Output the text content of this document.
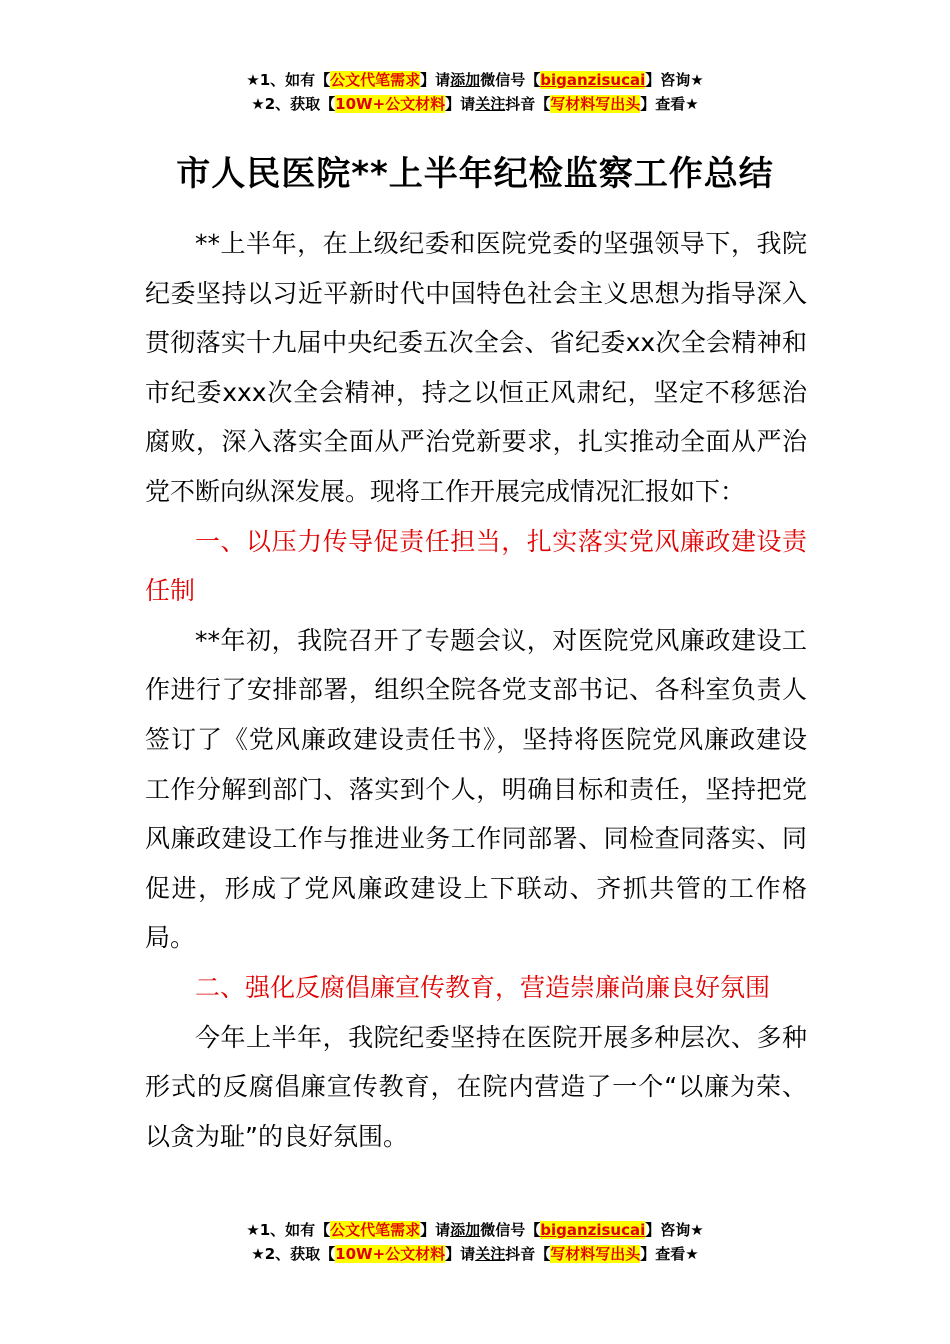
★1、如有【公文代笔需求】请添加微信号【biganzisucai】咨询★
★2、获取【10W+公文材料】请关注抖音【写材料写出头】查看★
市人民医院**上半年纪检监察工作总结

**上半年，在上级纪委和医院党委的坚强领导下，我院纪委坚持以习近平新时代中国特色社会主义思想为指导深入贯彻落实十九届中央纪委五次全会、省纪委xx次全会精神和市纪委xxx次全会精神，持之以恒正风肃纪，坚定不移惩治腐败，深入落实全面从严治党新要求，扎实推动全面从严治党不断向纵深发展。现将工作开展完成情况汇报如下：

一、以压力传导促责任担当，扎实落实党风廉政建设责任制

**年初，我院召开了专题会议，对医院党风廉政建设工作进行了安排部署，组织全院各党支部书记、各科室负责人签订了《党风廉政建设责任书》，坚持将医院党风廉政建设工作分解到部门、落实到个人，明确目标和责任，坚持把党风廉政建设工作与推进业务工作同部署、同检查同落实、同促进，形成了党风廉政建设上下联动、齐抓共管的工作格局。

二、强化反腐倡廉宣传教育，营造崇廉尚廉良好氛围

今年上半年，我院纪委坚持在医院开展多种层次、多种形式的反腐倡廉宣传教育，在院内营造了一个“以廉为荣、以贪为耻”的良好氛围。

★1、如有【公文代笔需求】请添加微信号【biganzisucai】咨询★
★2、获取【10W+公文材料】请关注抖音【写材料写出头】查看★
